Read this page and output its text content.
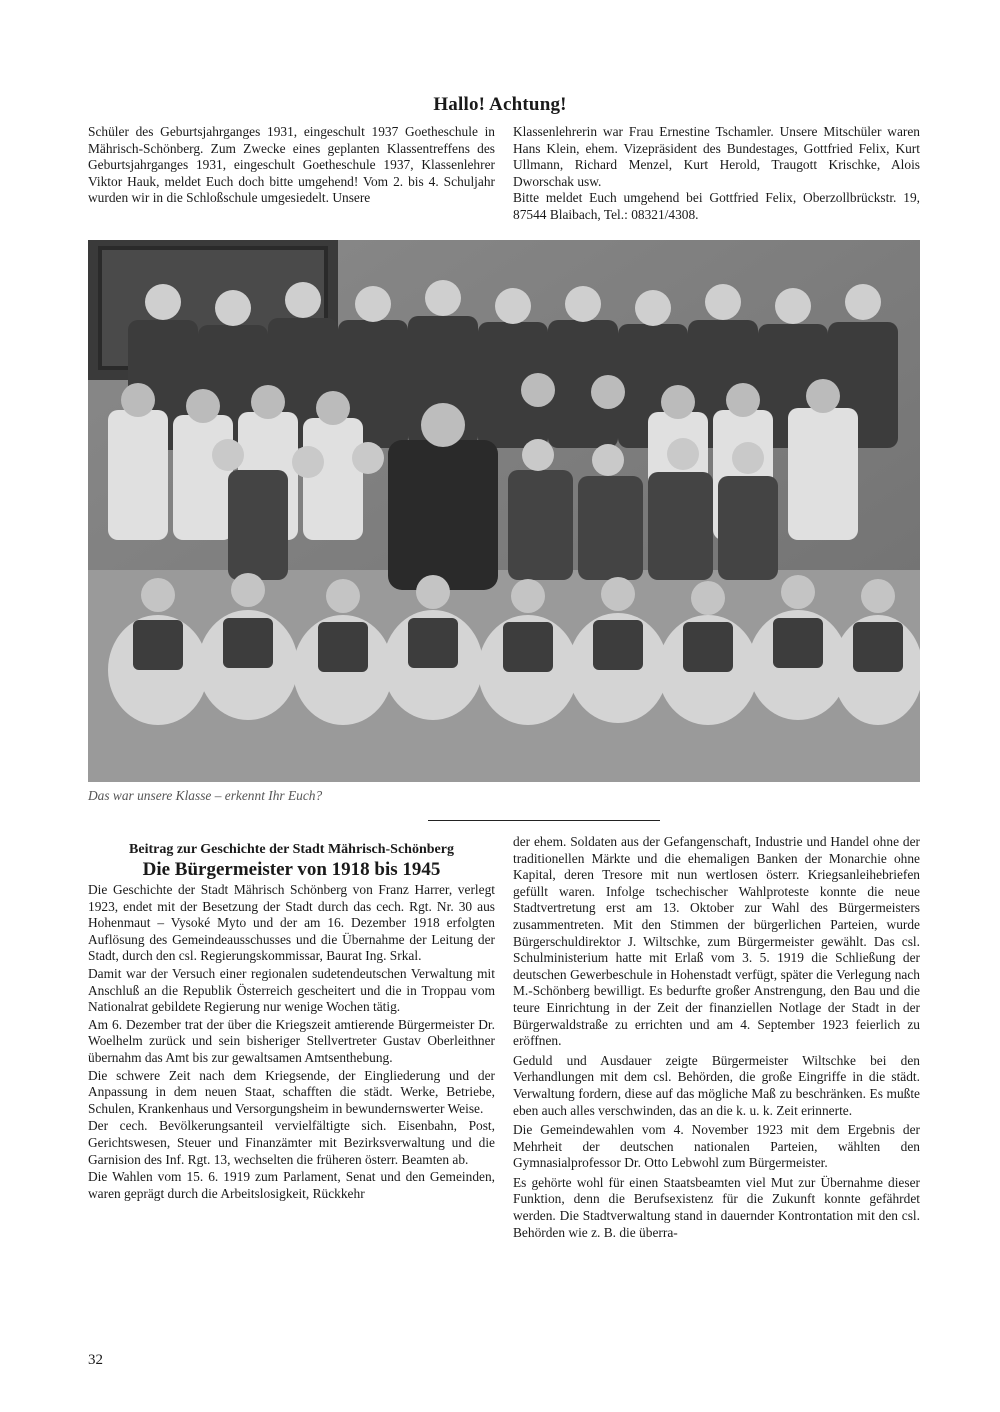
Hallo! Achtung!

Schüler des Geburtsjahrganges 1931, eingeschult 1937 Goetheschule in Mährisch-Schönberg. Zum Zwecke eines geplanten Klassentreffens des Geburtsjahrganges 1931, eingeschult Goetheschule 1937, Klassenlehrer Viktor Hauk, meldet Euch doch bitte umgehend! Vom 2. bis 4. Schuljahr wurden wir in die Schloßschule umgesiedelt. Unsere

Klassenlehrerin war Frau Ernestine Tschamler. Unsere Mitschüler waren Hans Klein, ehem. Vizepräsident des Bundestages, Gottfried Felix, Kurt Ullmann, Richard Menzel, Kurt Herold, Traugott Krischke, Alois Dworschak usw.

Bitte meldet Euch umgehend bei Gottfried Felix, Oberzollbrückstr. 19, 87544 Blaibach, Tel.: 08321/4308.

Das war unsere Klasse – erkennt Ihr Euch?
Beitrag zur Geschichte der Stadt Mährisch-Schönberg
Die Bürgermeister von 1918 bis 1945

Die Geschichte der Stadt Mährisch Schönberg von Franz Harrer, verlegt 1923, endet mit der Besetzung der Stadt durch das cech. Rgt. Nr. 30 aus Hohenmaut – Vysoké Myto und der am 16. Dezember 1918 erfolgten Auflösung des Gemeindeausschusses und die Übernahme der Leitung der Stadt, durch den csl. Regierungskommissar, Baurat Ing. Srkal.

Damit war der Versuch einer regionalen sudetendeutschen Verwaltung mit Anschluß an die Republik Österreich gescheitert und die in Troppau vom Nationalrat gebildete Regierung nur wenige Wochen tätig.

Am 6. Dezember trat der über die Kriegszeit amtierende Bürgermeister Dr. Woelhelm zurück und sein bisheriger Stellvertreter Gustav Oberleithner übernahm das Amt bis zur gewaltsamen Amtsenthebung.

Die schwere Zeit nach dem Kriegsende, der Eingliederung und der Anpassung in dem neuen Staat, schafften die städt. Werke, Betriebe, Schulen, Krankenhaus und Versorgungsheim in bewundernswerter Weise.

Der cech. Bevölkerungsanteil vervielfältigte sich. Eisenbahn, Post, Gerichtswesen, Steuer und Finanzämter mit Bezirksverwaltung und die Garnision des Inf. Rgt. 13, wechselten die früheren österr. Beamten ab.

Die Wahlen vom 15. 6. 1919 zum Parlament, Senat und den Gemeinden, waren geprägt durch die Arbeitslosigkeit, Rückkehr

der ehem. Soldaten aus der Gefangenschaft, Industrie und Handel ohne der traditionellen Märkte und die ehemaligen Banken der Monarchie ohne Kapital, deren Tresore mit nun wertlosen österr. Kriegsanleihebriefen gefüllt waren. Infolge tschechischer Wahlproteste konnte die neue Stadtvertretung erst am 13. Oktober zur Wahl des Bürgermeisters zusammentreten. Mit den Stimmen der bürgerlichen Parteien, wurde Bürgerschuldirektor J. Wiltschke, zum Bürgermeister gewählt. Das csl. Schulministerium hatte mit Erlaß vom 3. 5. 1919 die Schließung der deutschen Gewerbeschule in Hohenstadt verfügt, später die Verlegung nach M.-Schönberg bewilligt. Es bedurfte großer Anstrengung, den Bau und die teure Einrichtung in der Zeit der finanziellen Notlage der Stadt in der Bürgerwaldstraße zu errichten und am 4. September 1923 feierlich zu eröffnen.

Geduld und Ausdauer zeigte Bürgermeister Wiltschke bei den Verhandlungen mit dem csl. Behörden, die große Eingriffe in die städt. Verwaltung fordern, diese auf das mögliche Maß zu beschränken. Es mußte eben auch alles verschwinden, das an die k. u. k. Zeit erinnerte.

Die Gemeindewahlen vom 4. November 1923 mit dem Ergebnis der Mehrheit der deutschen nationalen Parteien, wählten den Gymnasialprofessor Dr. Otto Lebwohl zum Bürgermeister.

Es gehörte wohl für einen Staatsbeamten viel Mut zur Übernahme dieser Funktion, denn die Berufsexistenz für die Zukunft konnte gefährdet werden. Die Stadtverwaltung stand in dauernder Kontrontation mit den csl. Behörden wie z. B. die überra-

32
